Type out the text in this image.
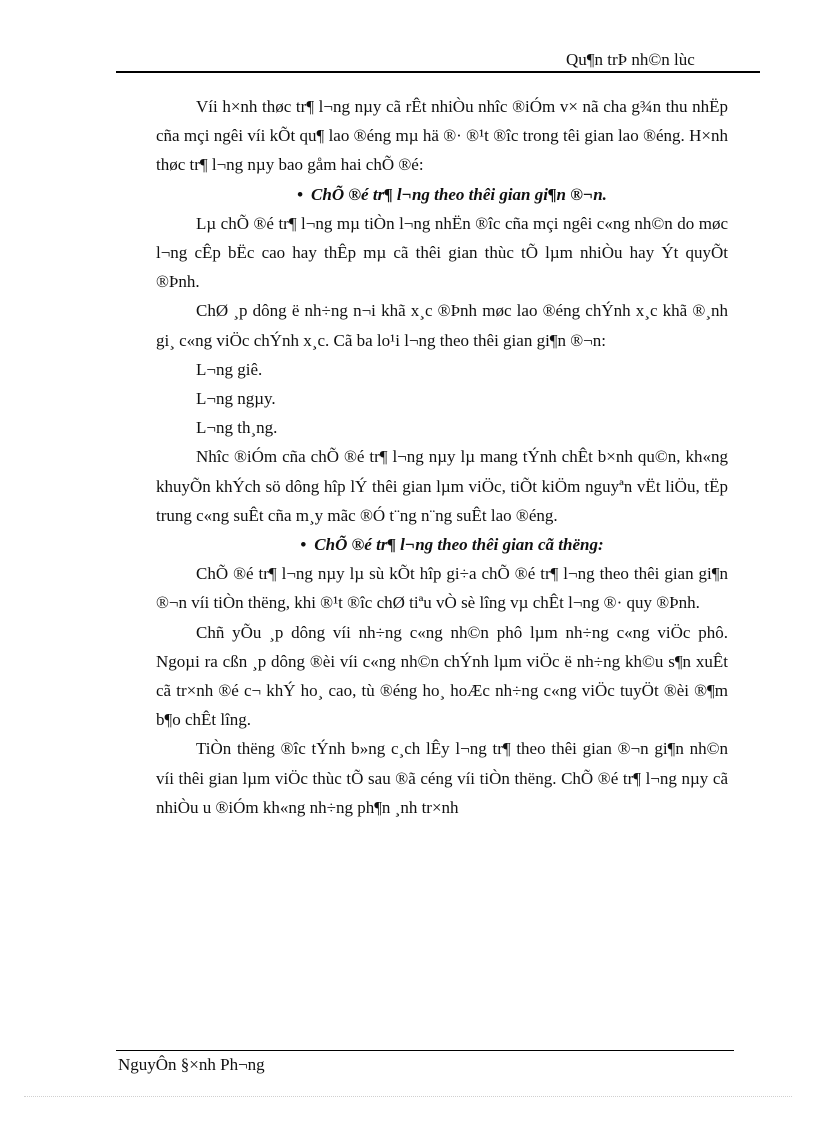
Qu¶n trÞ nh©n lùc

Víi h×nh thøc tr¶ l¬ng nµy cã rÊt nhiÒu nhîc ®iÓm v× nã cha g¾n thu nhËp cña mçi ngêi víi kÕt qu¶ lao ®éng mµ hä ®· ®¹t ®îc trong têi gian lao ®éng. H×nh thøc tr¶ l¬ng nµy bao gåm hai chÕ ®é:

• ChÕ ®é tr¶ l¬ng theo thêi gian gi¶n ®¬n.

Lµ chÕ ®é tr¶ l¬ng mµ tiÒn l¬ng nhËn ®îc cña mçi ngêi c«ng nh©n do møc l¬ng cÊp bËc cao hay thÊp mµ cã thêi gian thùc tÕ lµm nhiÒu hay Ýt quyÕt ®Þnh.

ChØ ¸p dông ë nh÷ng n¬i khã x¸c ®Þnh møc lao ®éng chÝnh x¸c khã ®¸nh gi¸ c«ng viÖc chÝnh x¸c. Cã ba lo¹i l¬ng theo thêi gian gi¶n ®¬n:

L¬ng giê.

L¬ng ngµy.

L¬ng th¸ng.

Nhîc ®iÓm cña chÕ ®é tr¶ l¬ng nµy lµ mang tÝnh chÊt b×nh qu©n, kh«ng khuyÕn khÝch sö dông hîp lÝ thêi gian lµm viÖc, tiÕt kiÖm nguyªn vËt liÖu, tËp trung c«ng suÊt cña m¸y mãc ®Ó t¨ng n¨ng suÊt lao ®éng.

• ChÕ ®é tr¶ l¬ng theo thêi gian cã thëng:

ChÕ ®é tr¶ l¬ng nµy lµ sù kÕt hîp gi÷a chÕ ®é tr¶ l¬ng theo thêi gian gi¶n ®¬n víi tiÒn thëng, khi ®¹t ®îc chØ tiªu vÒ sè lîng vµ chÊt l¬ng ®· quy ®Þnh.

Chñ yÕu ¸p dông víi nh÷ng c«ng nh©n phô lµm nh÷ng c«ng viÖc phô. Ngoµi ra cßn ¸p dông ®èi víi c«ng nh©n chÝnh lµm viÖc ë nh÷ng kh©u s¶n xuÊt cã tr×nh ®é c¬ khÝ ho¸ cao, tù ®éng ho¸ hoÆc nh÷ng c«ng viÖc tuyÖt ®èi ®¶m b¶o chÊt lîng.

TiÒn thëng ®îc tÝnh b»ng c¸ch lÊy l¬ng tr¶ theo thêi gian ®¬n gi¶n nh©n víi thêi gian lµm viÖc thùc tÕ sau ®ã céng víi tiÒn thëng. ChÕ ®é tr¶ l¬ng nµy cã nhiÒu u ®iÓm kh«ng nh÷ng ph¶n ¸nh tr×nh

NguyÔn §×nh Ph¬ng
